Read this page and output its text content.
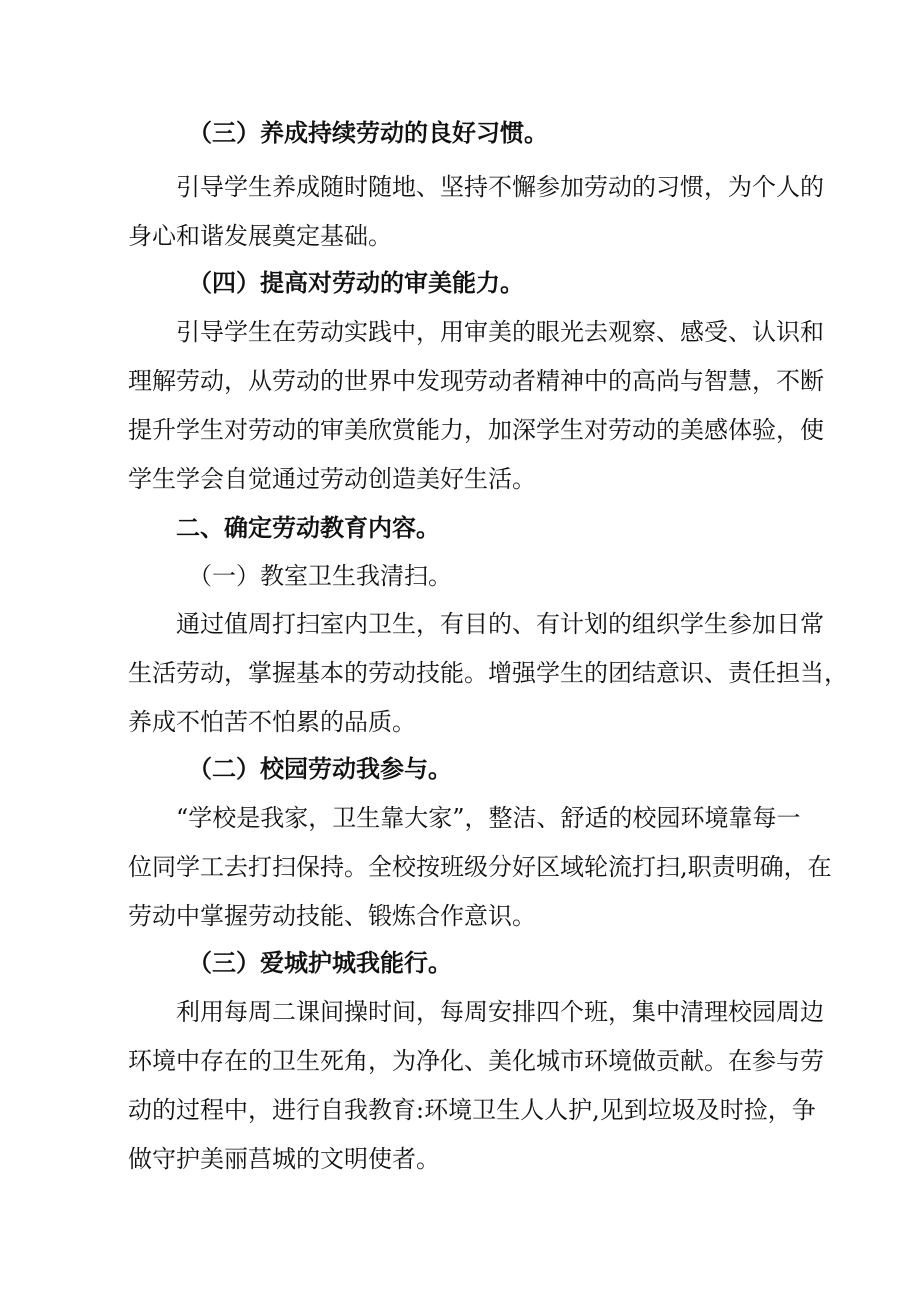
（三）养成持续劳动的良好习惯。
引导学生养成随时随地、坚持不懈参加劳动的习惯，为个人的
身心和谐发展奠定基础。
（四）提高对劳动的审美能力。
引导学生在劳动实践中，用审美的眼光去观察、感受、认识和
理解劳动，从劳动的世界中发现劳动者精神中的高尚与智慧，不断
提升学生对劳动的审美欣赏能力，加深学生对劳动的美感体验，使
学生学会自觉通过劳动创造美好生活。
二、确定劳动教育内容。
（一）教室卫生我清扫。
通过值周打扫室内卫生，有目的、有计划的组织学生参加日常
生活劳动，掌握基本的劳动技能。增强学生的团结意识、责任担当，
养成不怕苦不怕累的品质。
（二）校园劳动我参与。
“学校是我家，卫生靠大家”，整洁、舒适的校园环境靠每一
位同学工去打扫保持。全校按班级分好区域轮流打扫,职责明确，在
劳动中掌握劳动技能、锻炼合作意识。
（三）爱城护城我能行。
利用每周二课间操时间，每周安排四个班，集中清理校园周边
环境中存在的卫生死角，为净化、美化城市环境做贡献。在参与劳
动的过程中，进行自我教育:环境卫生人人护,见到垃圾及时捡，争
做守护美丽莒城的文明使者。
